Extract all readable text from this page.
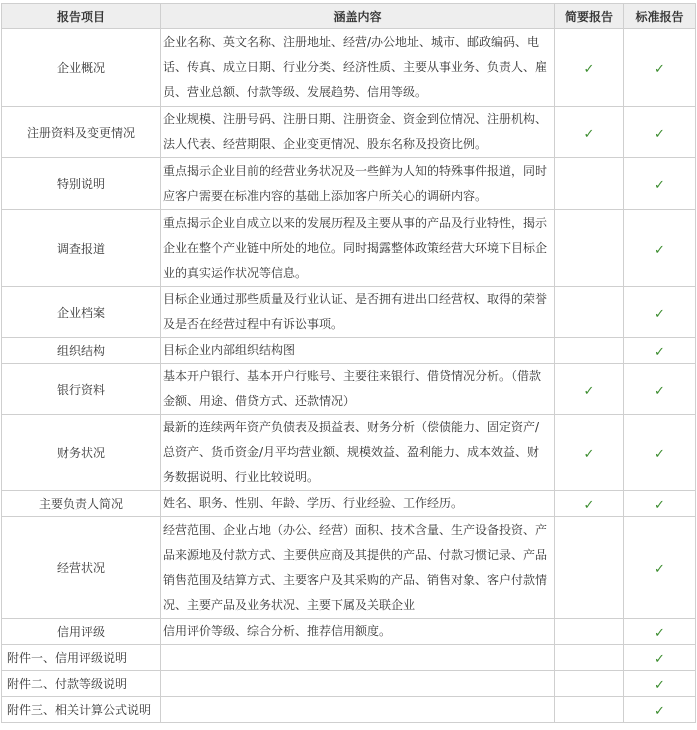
报告项目	涵盖内容	简要报告	标准报告
企业概况	企业名称、英文名称、注册地址、经营/办公地址、城市、邮政编码、电话、传真、成立日期、行业分类、经济性质、主要从事业务、负责人、雇员、营业总额、付款等级、发展趋势、信用等级。	✓	✓
注册资料及变更情况	企业规模、注册号码、注册日期、注册资金、资金到位情况、注册机构、法人代表、经营期限、企业变更情况、股东名称及投资比例。	✓	✓
特别说明	重点揭示企业目前的经营业务状况及一些鲜为人知的特殊事件报道，同时应客户需要在标准内容的基础上添加客户所关心的调研内容。		✓
调查报道	重点揭示企业自成立以来的发展历程及主要从事的产品及行业特性，揭示企业在整个产业链中所处的地位。同时揭露整体政策经营大环境下目标企业的真实运作状况等信息。		✓
企业档案	目标企业通过那些质量及行业认证、是否拥有进出口经营权、取得的荣誉及是否在经营过程中有诉讼事项。		✓
组织结构	目标企业内部组织结构图		✓
银行资料	基本开户银行、基本开户行账号、主要往来银行、借贷情况分析。（借款金额、用途、借贷方式、还款情况）	✓	✓
财务状况	最新的连续两年资产负债表及损益表、财务分析（偿债能力、固定资产/总资产、货币资金/月平均营业额、规模效益、盈利能力、成本效益、财务数据说明、行业比较说明。	✓	✓
主要负责人简况	姓名、职务、性别、年龄、学历、行业经验、工作经历。	✓	✓
经营状况	经营范围、企业占地（办公、经营）面积、技术含量、生产设备投资、产品来源地及付款方式、主要供应商及其提供的产品、付款习惯记录、产品销售范围及结算方式、主要客户及其采购的产品、销售对象、客户付款情况、主要产品及业务状况、主要下属及关联企业		✓
信用评级	信用评价等级、综合分析、推荐信用额度。		✓
附件一、信用评级说明			✓
附件二、付款等级说明			✓
附件三、相关计算公式说明			✓
